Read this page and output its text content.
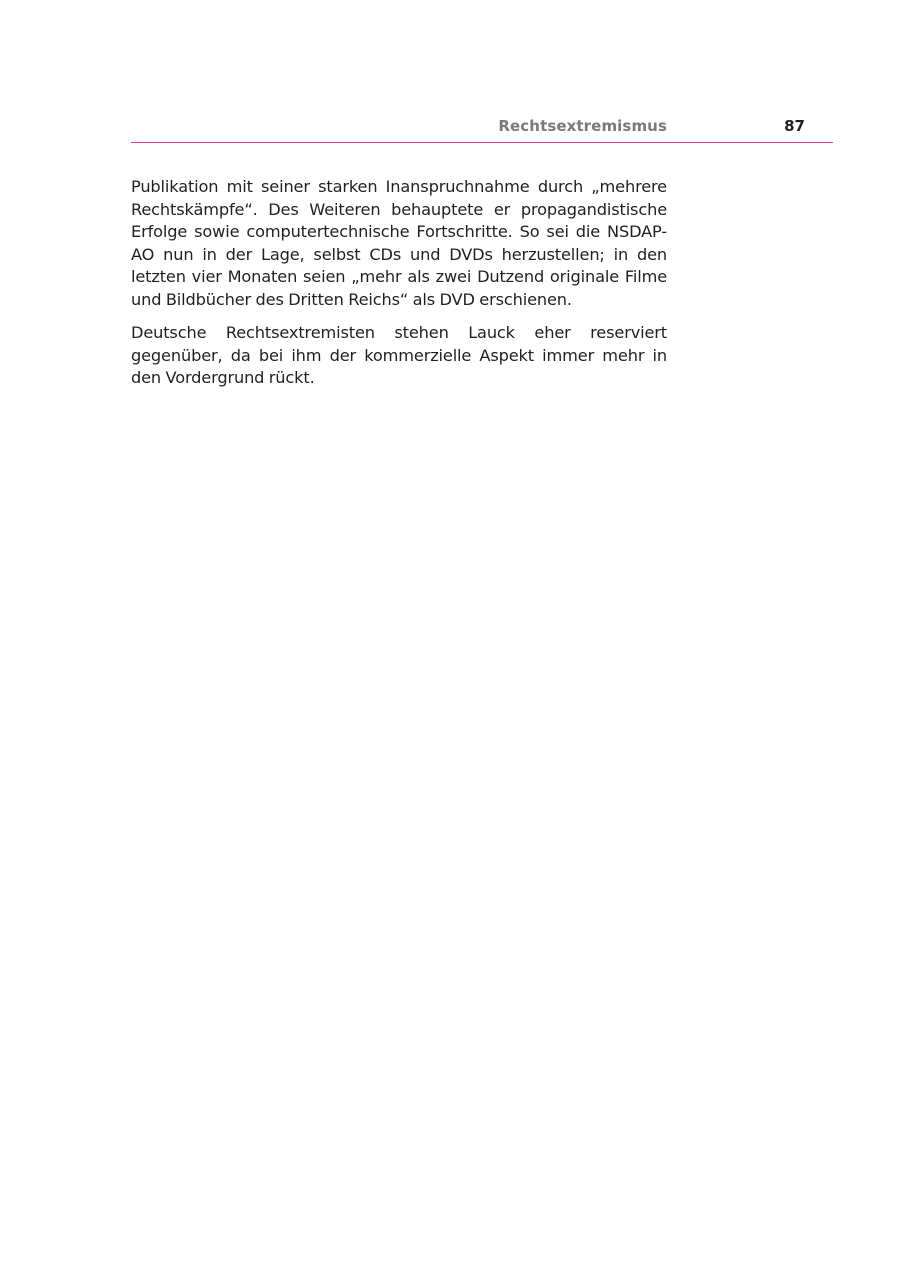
Rechtsextremismus	87

Publikation mit seiner starken Inanspruchnahme durch „mehrere Rechtskämpfe“. Des Weiteren behauptete er propagandistische Erfolge sowie computertechnische Fortschritte. So sei die NSDAP-AO nun in der Lage, selbst CDs und DVDs herzustellen; in den letzten vier Monaten seien „mehr als zwei Dutzend originale Filme und Bildbücher des Dritten Reichs“ als DVD erschienen.

Deutsche Rechtsextremisten stehen Lauck eher reserviert gegenüber, da bei ihm der kommerzielle Aspekt immer mehr in den Vordergrund rückt.
